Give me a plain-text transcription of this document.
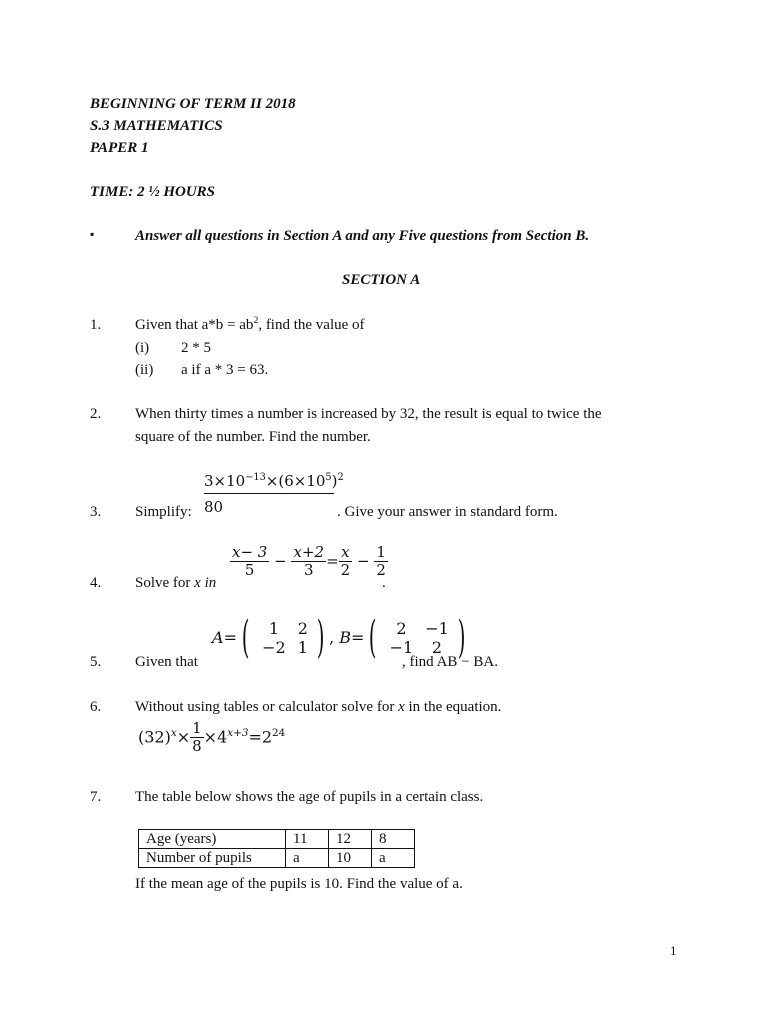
BEGINNING OF TERM II 2018
S.3 MATHEMATICS
PAPER 1
TIME: 2 ½ HOURS
▪	Answer all questions in Section A and any Five questions from Section B.
SECTION A
1. Given that $a*b = ab^2$, find the value of
(i) 2 * 5
(ii) a if a * 3 = 63.
2. When thirty times a number is increased by 32, the result is equal to twice the
square of the number. Find the number.
3. Simplify:
$3\times 10^{-13}\times(6\times 10^5)^2$
80	. Give your answer in standard form.
4. Solve for x in
$\frac{x- 3}{5} - \frac{x+2}{3} = \frac{x}{2} - \frac{1}{2}$
.
5. Given that
A=	(	1	2
−2	1
	)	, B=	(	2	−1
−1	2
	)
, find AB − BA.
6. Without using tables or calculator solve for x in the equation.
$(32)^x\times \frac{1}{8} \times 4^{x+3}=2^{24}$
7. The table below shows the age of pupils in a certain class.
Age (years)	11	12	8
Number of pupils	a	10	a
If the mean age of the pupils is 10. Find the value of a.
1
